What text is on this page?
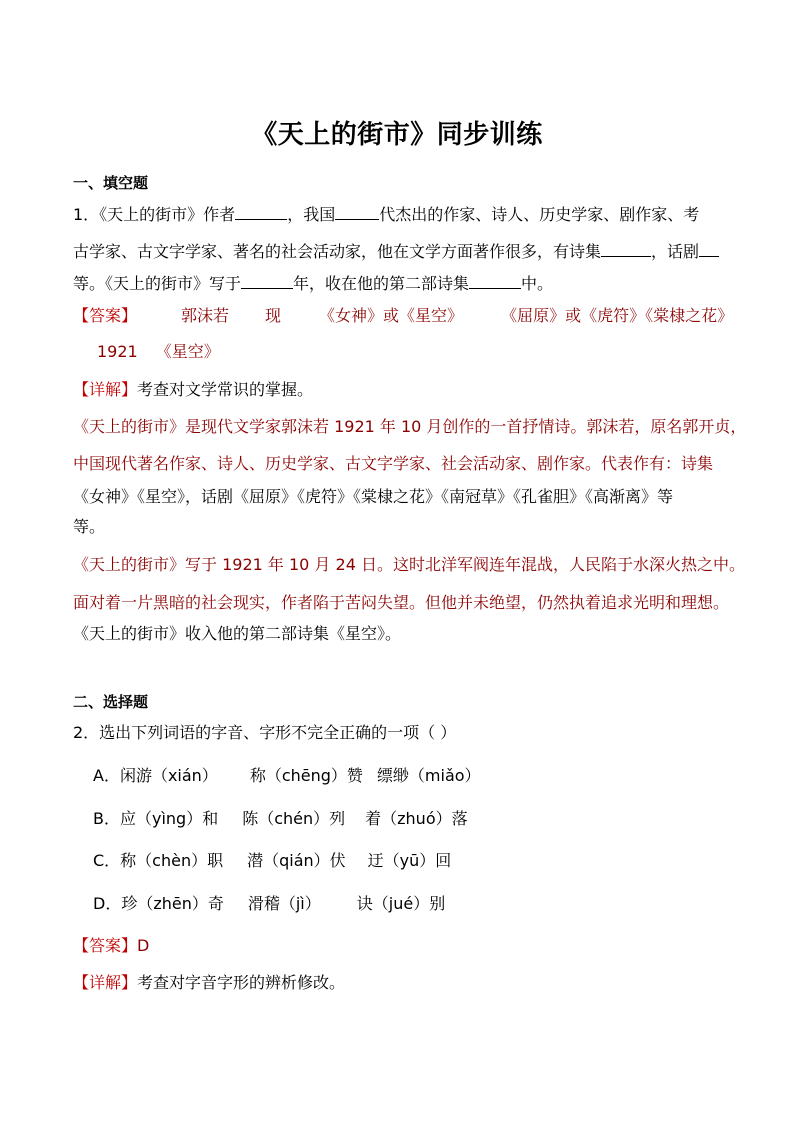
《天上的街市》同步训练
一、填空题
1．《天上的街市》作者	，我国	代杰出的作家、诗人、历史学家、剧作家、考
古学家、古文字学家、著名的社会活动家，他在文学方面著作很多，有诗集	，话剧
等。《天上的街市》写于	年，收在他的第二部诗集	中。
【答案】	郭沫若 现 《女神》或《星空》 《屈原》或《虎符》《棠棣之花》
1921 《星空》
【详解】考查对文学常识的掌握。
《天上的街市》是现代文学家郭沫若 1921 年 10 月创作的一首抒情诗。郭沫若，原名郭开贞，
中国现代著名作家、诗人、历史学家、古文字学家、社会活动家、剧作家。代表作有：诗集
《女神》《星空》，话剧《屈原》《虎符》《棠棣之花》《南冠草》《孔雀胆》《高渐离》等
等。
《天上的街市》写于 1921 年 10 月 24 日。这时北洋军阀连年混战，人民陷于水深火热之中。
面对着一片黑暗的社会现实，作者陷于苦闷失望。但他并未绝望，仍然执着追求光明和理想。
《天上的街市》收入他的第二部诗集《星空》。
二、选择题
2．选出下列词语的字音、字形不完全正确的一项（ ）
A．闲游（xián） 称（chēng）赞 缥缈（miǎo）
B．应（yìng）和 陈（chén）列 着（zhuó）落
C．称（chèn）职 潜（qián）伏 迂（yū）回
D．珍（zhēn）奇 滑稽（jì） 诀（jué）别
【答案】D
【详解】考查对字音字形的辨析修改。
